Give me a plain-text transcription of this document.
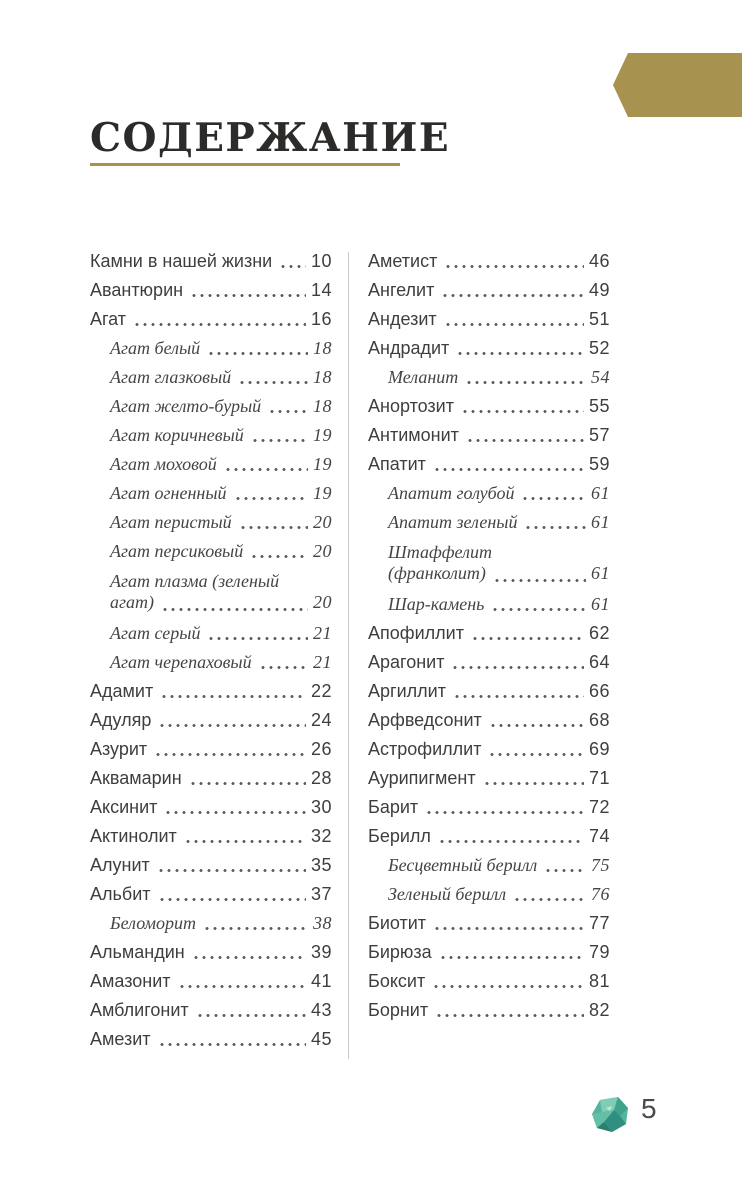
СОДЕРЖАНИЕ
Камни в нашей жизни 10
Авантюрин	14
Агат	16
Агат белый	18
Агат глазковый	18
Агат желто-бурый	18
Агат коричневый	19
Агат моховой	19
Агат огненный	19
Агат перистый	20
Агат персиковый	20
Агат плазма (зеленый
агат)	20
Агат серый	21
Агат черепаховый	21
Адамит	22
Адуляр	24
Азурит	26
Аквамарин	28
Аксинит	30
Актинолит	32
Алунит	35
Альбит	37
Беломорит	38
Альмандин	39
Амазонит	41
Амблигонит	43
Амезит	45
Аметист	46
Ангелит	49
Андезит	51
Андрадит	52
Меланит	54
Анортозит	55
Антимонит	57
Апатит	59
Апатит голубой	61
Апатит зеленый	61
Штаффелит
(франколит)	61
Шар-камень	61
Апофиллит	62
Арагонит	64
Аргиллит	66
Арфведсонит	68
Астрофиллит	69
Аурипигмент	71
Барит	72
Берилл	74
Бесцветный берилл	75
Зеленый берилл	76
Биотит	77
Бирюза	79
Боксит	81
Борнит	82
5
